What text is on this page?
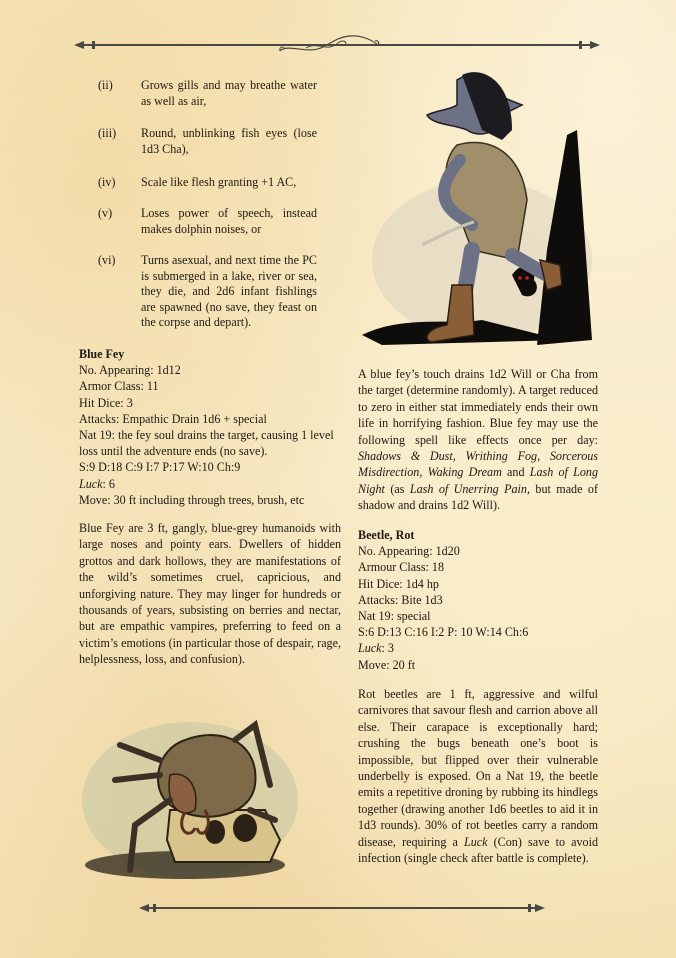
(ii) Grows gills and may breathe water as well as air,
(iii) Round, unblinking fish eyes (lose 1d3 Cha),
(iv) Scale like flesh granting +1 AC,
(v) Loses power of speech, instead makes dolphin noises, or
(vi) Turns asexual, and next time the PC is submerged in a lake, river or sea, they die, and 2d6 infant fishlings are spawned (no save, they feast on the corpse and depart).
Blue Fey
No. Appearing: 1d12
Armor Class: 11
Hit Dice: 3
Attacks: Empathic Drain 1d6 + special
Nat 19: the fey soul drains the target, causing 1 level loss until the adventure ends (no save).
S:9 D:18 C:9 I:7 P:17 W:10 Ch:9
Luck: 6
Move: 30 ft including through trees, brush, etc

Blue Fey are 3 ft, gangly, blue-grey humanoids with large noses and pointy ears. Dwellers of hidden grottos and dark hollows, they are manifestations of the wild’s sometimes cruel, capricious, and unforgiving nature. They may linger for hundreds or thousands of years, subsisting on berries and nectar, but are empathic vampires, preferring to feed on a victim’s emotions (in particular those of despair, rage, helplessness, loss, and confusion).

A blue fey’s touch drains 1d2 Will or Cha from the target (determine randomly). A target reduced to zero in either stat immediately ends their own life in horrifying fashion. Blue fey may use the following spell like effects once per day: Shadows & Dust, Writhing Fog, Sorcerous Misdirection, Waking Dream and Lash of Long Night (as Lash of Unerring Pain, but made of shadow and drains 1d2 Will).

Beetle, Rot
No. Appearing: 1d20
Armour Class: 18
Hit Dice: 1d4 hp
Attacks: Bite 1d3
Nat 19: special
S:6 D:13 C:16 I:2 P: 10 W:14 Ch:6
Luck: 3
Move: 20 ft

Rot beetles are 1 ft, aggressive and wilful carnivores that savour flesh and carrion above all else. Their carapace is exceptionally hard; crushing the bugs beneath one’s boot is impossible, but flipped over their vulnerable underbelly is exposed. On a Nat 19, the beetle emits a repetitive droning by rubbing its hindlegs together (drawing another 1d6 beetles to aid it in 1d3 rounds). 30% of rot beetles carry a random disease, requiring a Luck (Con) save to avoid infection (single check after battle is complete).
